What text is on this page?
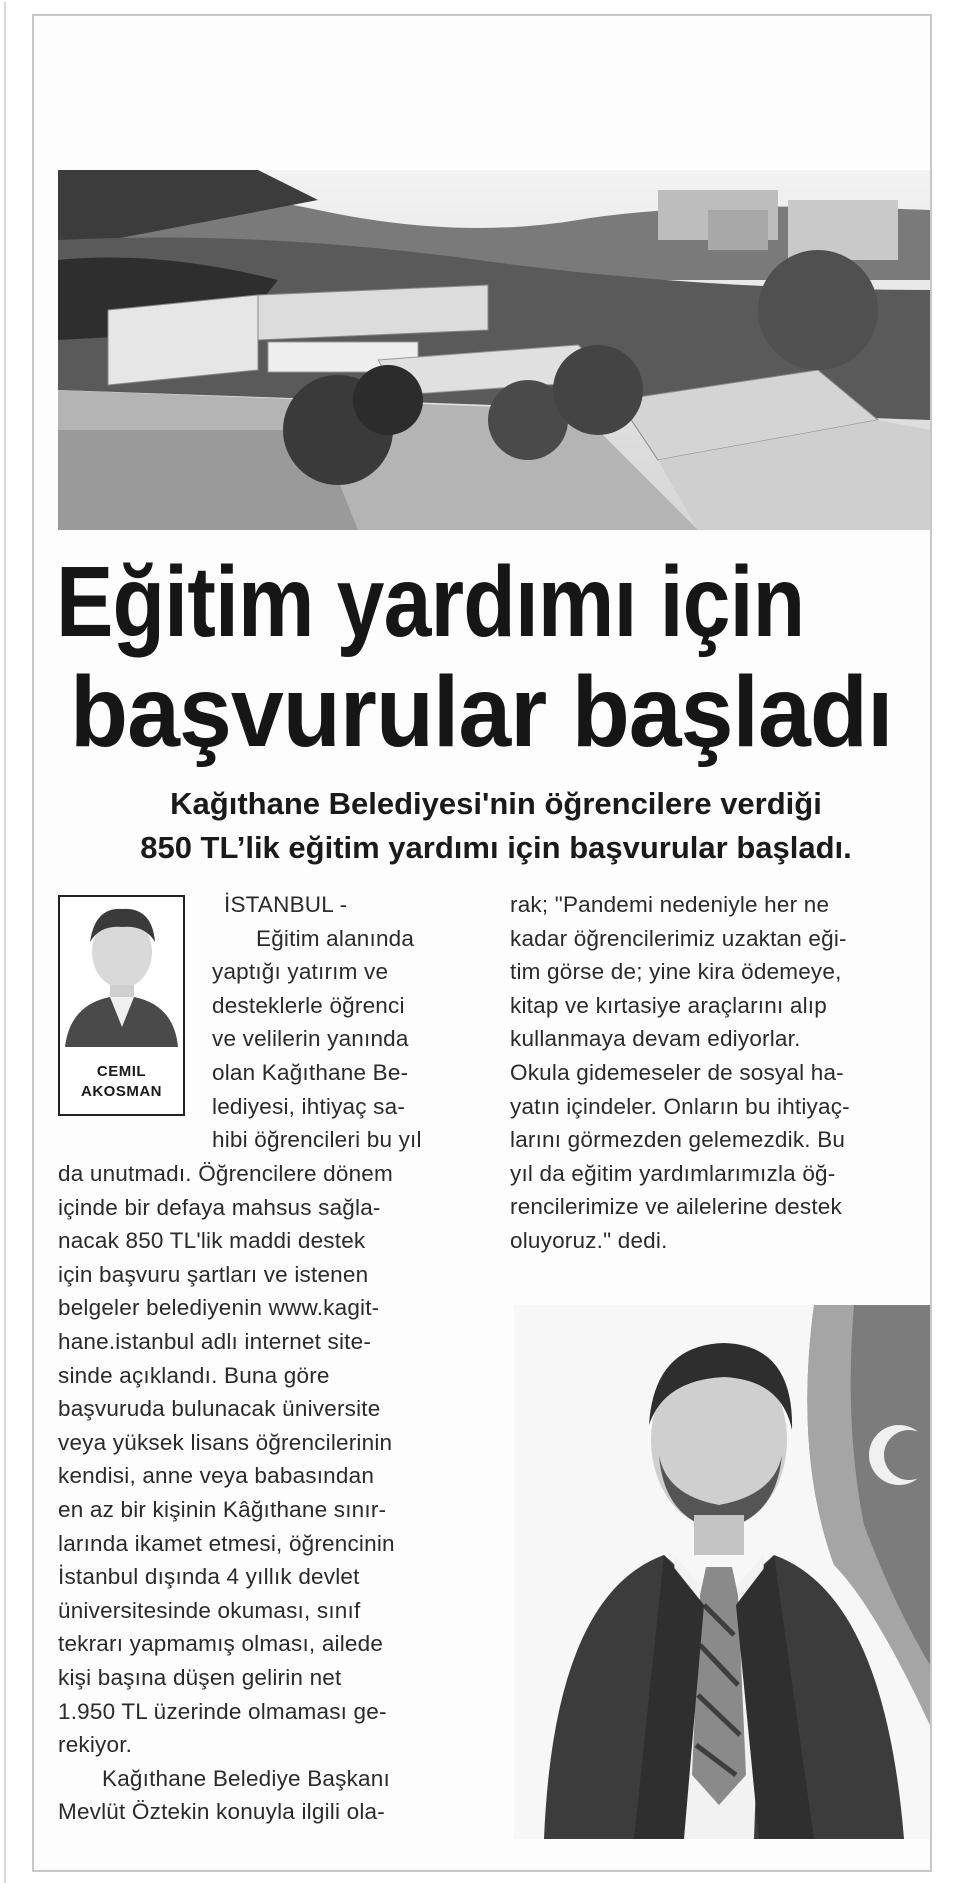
Eğitim yardımı için
başvurular başladı

Kağıthane Belediyesi'nin öğrencilere verdiği

850 TL’lik eğitim yardımı için başvurular başladı.

CEMIL
AKOSMAN
İSTANBUL -
Eğitim alanında
yaptığı yatırım ve
desteklerle öğrenci
ve velilerin yanında
olan Kağıthane Be-
lediyesi, ihtiyaç sa-
hibi öğrencileri bu yıl
da unutmadı. Öğrencilere dönem
içinde bir defaya mahsus sağla-
nacak 850 TL'lik maddi destek
için başvuru şartları ve istenen
belgeler belediyenin www.kagit-
hane.istanbul adlı internet site-
sinde açıklandı. Buna göre
başvuruda bulunacak üniversite
veya yüksek lisans öğrencilerinin
kendisi, anne veya babasından
en az bir kişinin Kâğıthane sınır-
larında ikamet etmesi, öğrencinin
İstanbul dışında 4 yıllık devlet
üniversitesinde okuması, sınıf
tekrarı yapmamış olması, ailede
kişi başına düşen gelirin net
1.950 TL üzerinde olmaması ge-
rekiyor.
Kağıthane Belediye Başkanı
Mevlüt Öztekin konuyla ilgili ola-
rak; "Pandemi nedeniyle her ne
kadar öğrencilerimiz uzaktan eği-
tim görse de; yine kira ödemeye,
kitap ve kırtasiye araçlarını alıp
kullanmaya devam ediyorlar.
Okula gidemeseler de sosyal ha-
yatın içindeler. Onların bu ihtiyaç-
larını görmezden gelemezdik. Bu
yıl da eğitim yardımlarımızla öğ-
rencilerimize ve ailelerine destek
oluyoruz." dedi.
